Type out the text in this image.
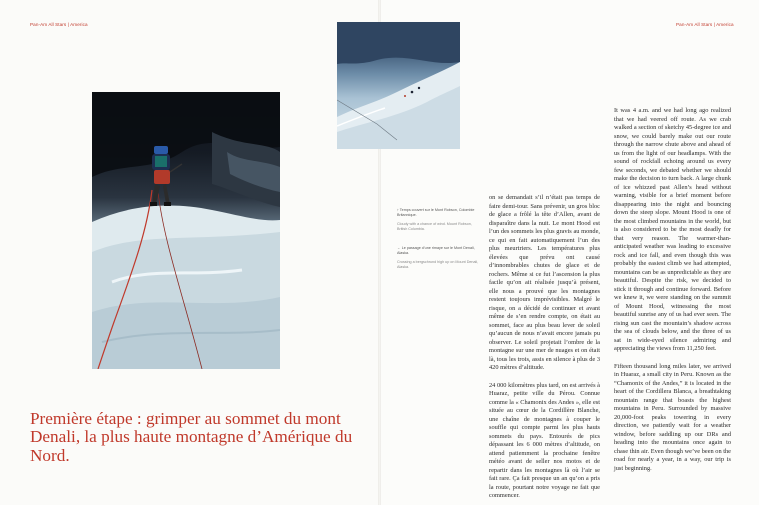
Pan-Am All Stars | America	Pan-Am All Stars | America
↑ Temps couvert sur le Mont Robson, Colombie Britannique.
Cloudy with a chance of wind. Mount Robson, British Columbia.
← Le passage d’une rimaye sur le Mont Denali, Alaska.
Crossing a bergschrund high up on Mount Denali, Alaska.

on se demandait s’il n’était pas temps de faire demi-tour. Sans prévenir, un gros bloc de glace a frôlé la tête d’Allen, avant de disparaître dans la nuit. Le mont Hood est l’un des sommets les plus gravis au monde, ce qui en fait automatiquement l’un des plus meurtriers. Les températures plus élevées que prévu ont causé d’innombrables chutes de glace et de rochers. Même si ce fut l’ascension la plus facile qu’on ait réalisée jusqu’à présent, elle nous a prouvé que les montagnes restent toujours imprévisibles. Malgré le risque, on a décidé de continuer et avant même de s’en rendre compte, on était au sommet, face au plus beau lever de soleil qu’aucun de nous n’avait encore jamais pu observer. Le soleil projetait l’ombre de la montagne sur une mer de nuages et on était là, tous les trois, assis en silence à plus de 3 420 mètres d’altitude.

24 000 kilomètres plus tard, on est arrivés à Huaraz, petite ville du Pérou. Connue comme la « Chamonix des Andes », elle est située au cœur de la Cordillère Blanche, une chaîne de montagnes à couper le souffle qui compte parmi les plus hauts sommets du pays. Entourés de pics dépassant les 6 000 mètres d’altitude, on attend patiemment la prochaine fenêtre météo avant de seller nos motos et de repartir dans les montagnes là où l’air se fait rare. Ça fait presque un an qu’on a pris la route, pourtant notre voyage ne fait que commencer.

It was 4 a.m. and we had long ago realized that we had veered off route. As we crab walked a section of sketchy 45-degree ice and snow, we could barely make out our route through the narrow chute above and ahead of us from the light of our headlamps. With the sound of rockfall echoing around us every few seconds, we debated whether we should make the decision to turn back. A large chunk of ice whizzed past Allen’s head without warning, visible for a brief moment before disappearing into the night and bouncing down the steep slope. Mount Hood is one of the most climbed mountains in the world, but is also considered to be the most deadly for that very reason. The warmer-than-anticipated weather was leading to excessive rock and ice fall, and even though this was probably the easiest climb we had attempted, mountains can be as unpredictable as they are beautiful. Despite the risk, we decided to stick it through and continue forward. Before we knew it, we were standing on the summit of Mount Hood, witnessing the most beautiful sunrise any of us had ever seen. The rising sun cast the mountain’s shadow across the sea of clouds below, and the three of us sat in wide-eyed silence admiring and appreciating the views from 11,250 feet.

Fifteen thousand long miles later, we arrived in Huaraz, a small city in Peru. Known as the “Chamonix of the Andes,” it is located in the heart of the Cordillera Blanca, a breathtaking mountain range that boasts the highest mountains in Peru. Surrounded by massive 20,000-foot peaks towering in every direction, we patiently wait for a weather window, before saddling up our DRs and heading into the mountains once again to chase thin air. Even though we’ve been on the road for nearly a year, in a way, our trip is just beginning.

Première étape : grimper au sommet du mont Denali, la plus haute montagne d’Amérique du Nord.
